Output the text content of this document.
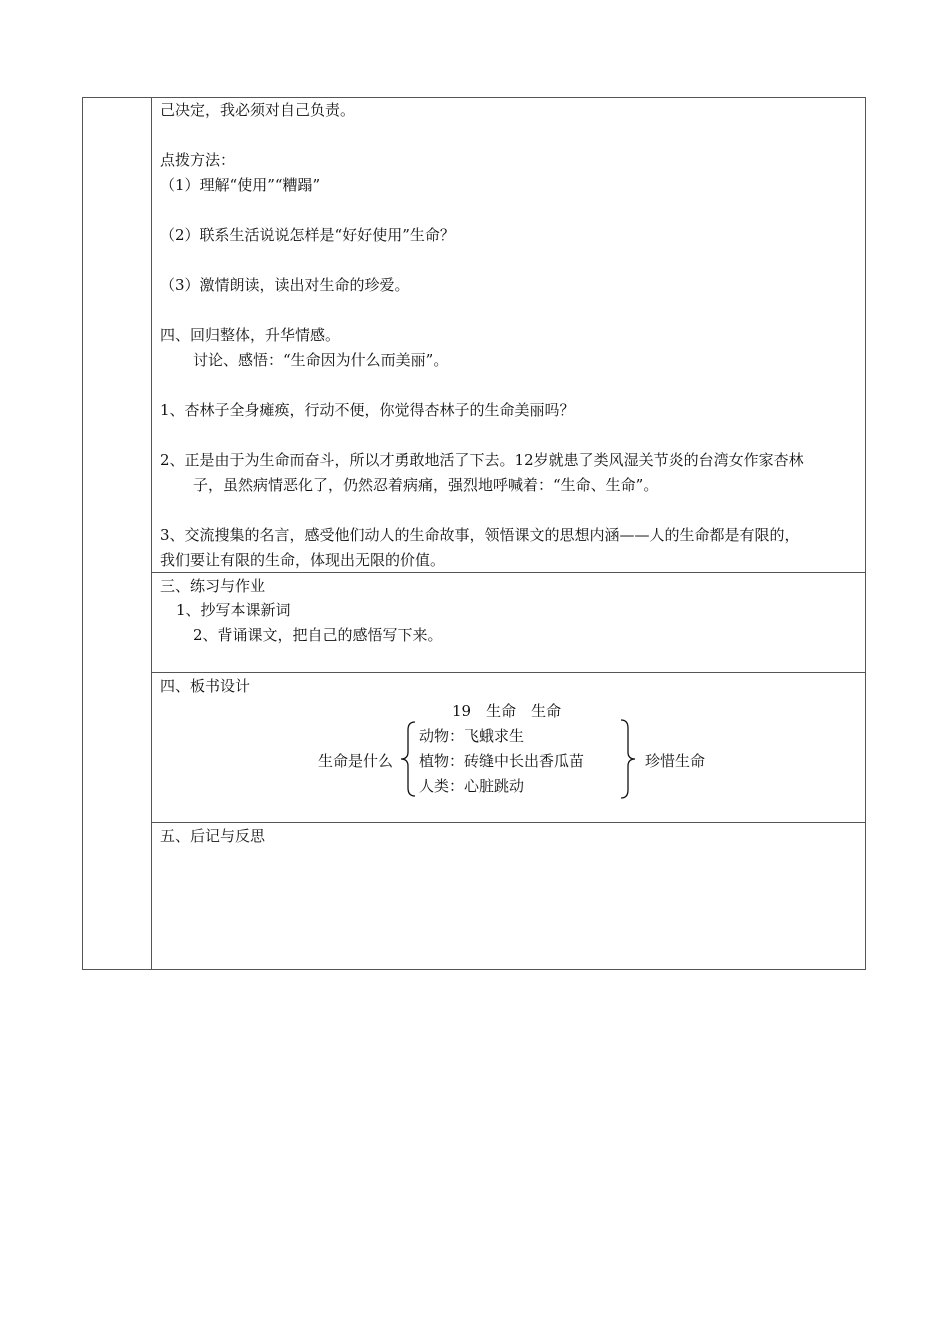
己决定，我必须对自己负责。
点拨方法：
（1）理解“使用”“糟蹋”
（2）联系生活说说怎样是“好好使用”生命？
（3）激情朗读，读出对生命的珍爱。
四、回归整体，升华情感。
讨论、感悟：“生命因为什么而美丽”。
1、杏林子全身瘫痪，行动不便，你觉得杏林子的生命美丽吗？
2、正是由于为生命而奋斗，所以才勇敢地活了下去。12岁就患了类风湿关节炎的台湾女作家杏林
子，虽然病情恶化了，仍然忍着病痛，强烈地呼喊着：“生命、生命”。
3、交流搜集的名言，感受他们动人的生命故事，领悟课文的思想内涵——人的生命都是有限的，
我们要让有限的生命，体现出无限的价值。
三、练习与作业
1、抄写本课新词
2、背诵课文，把自己的感悟写下来。
四、板书设计
19　生命　生命
生命是什么
动物：飞蛾求生
植物：砖缝中长出香瓜苗
人类：心脏跳动
珍惜生命
五、后记与反思
